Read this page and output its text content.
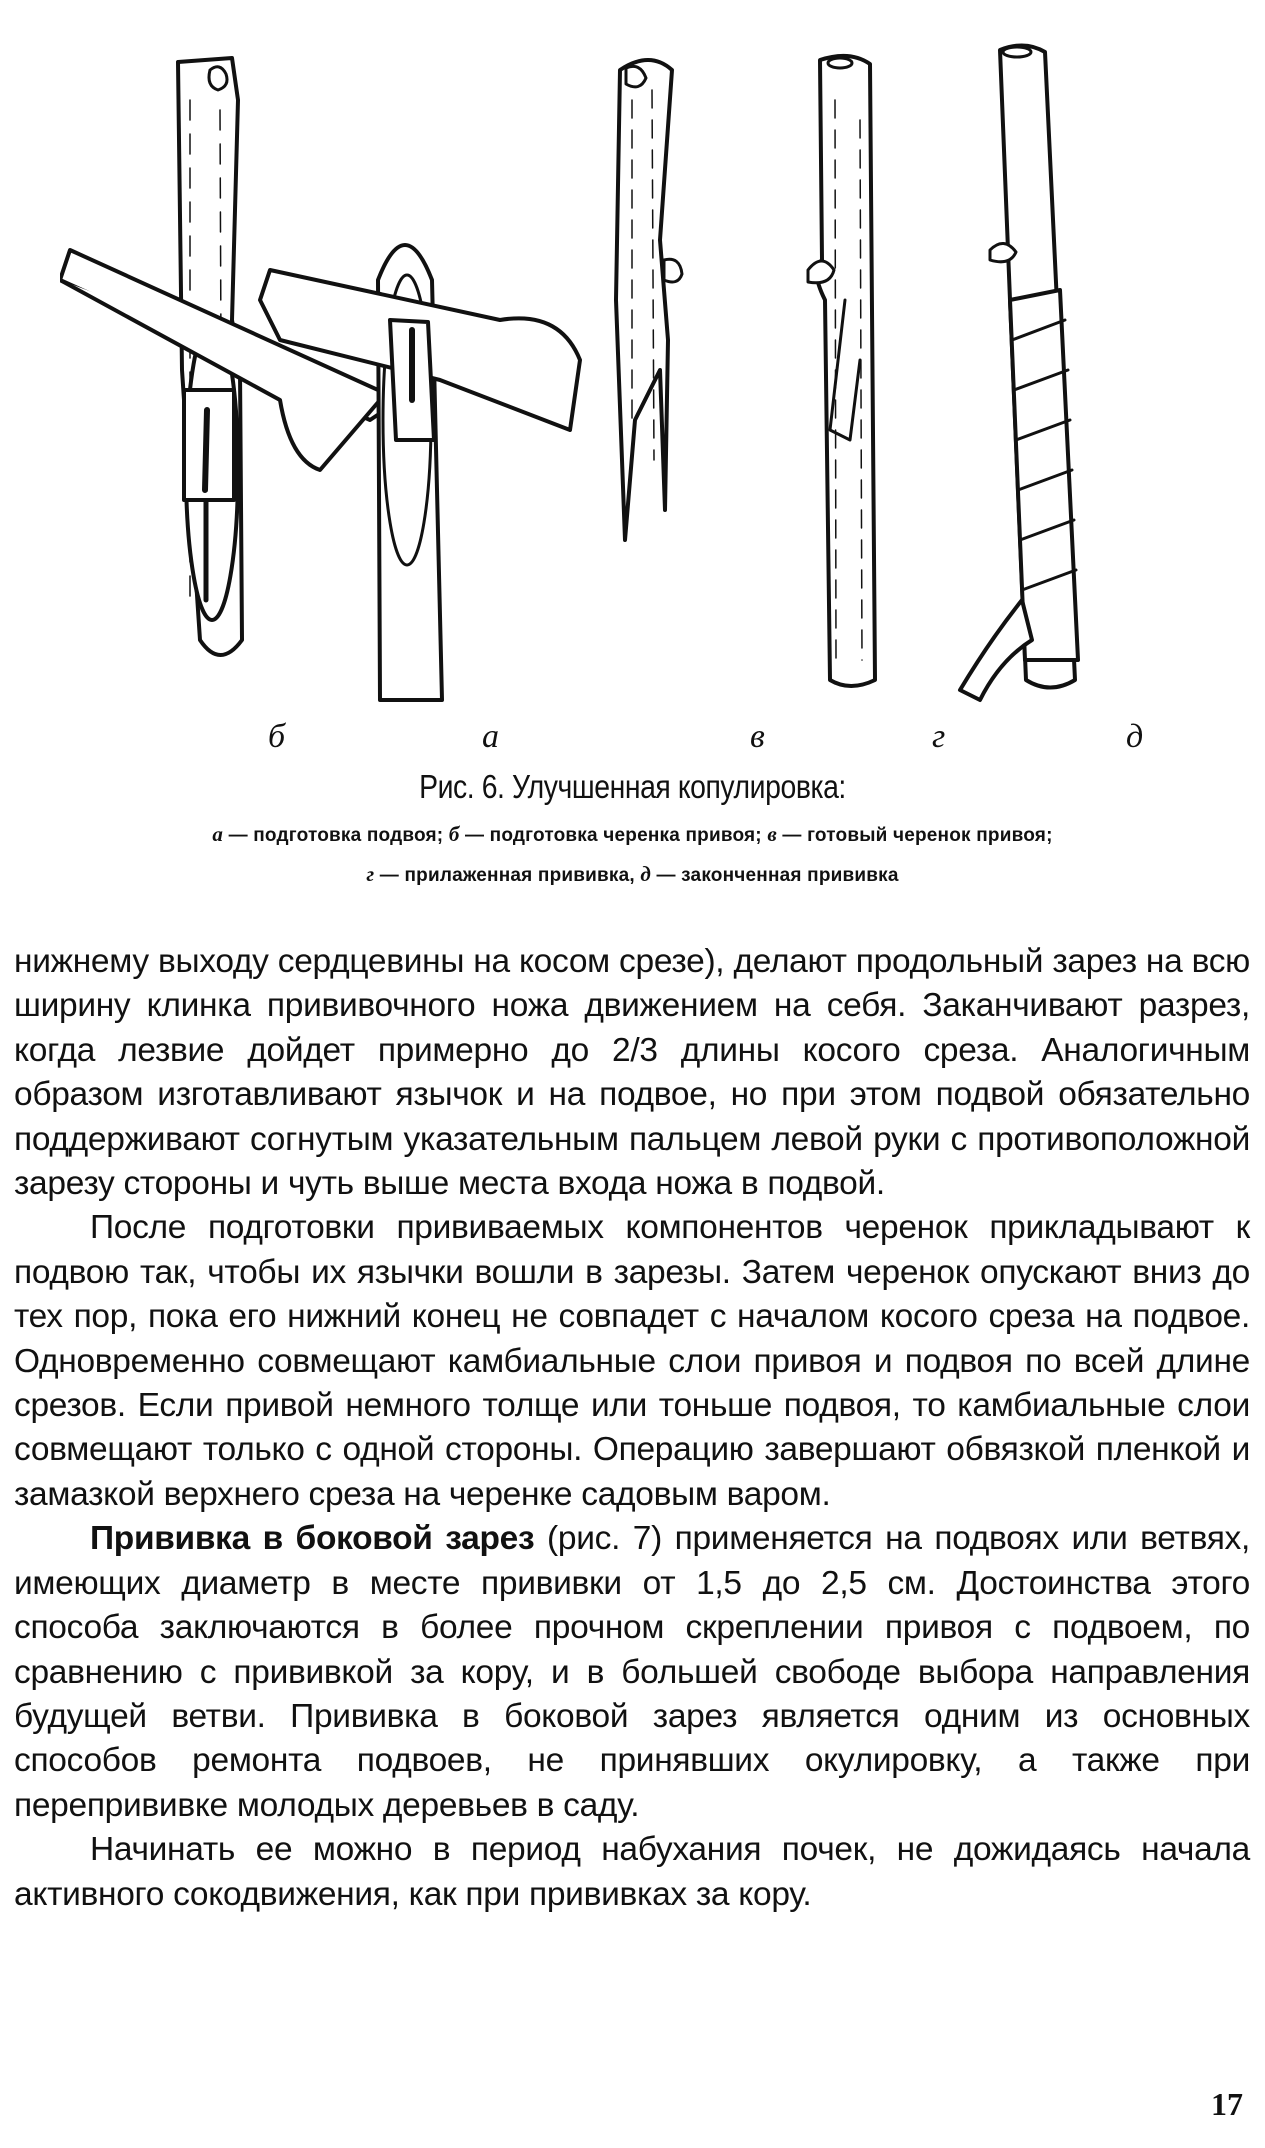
б	а	в	г	д
Рис. 6. Улучшенная копулировка:
а — подготовка подвоя; б — подготовка черенка привоя; в — готовый черенок привоя;
г — прилаженная прививка, д — законченная прививка

нижнему выходу сердцевины на косом срезе), делают продольный зарез на всю ширину клинка прививочного ножа движением на себя. Заканчивают разрез, когда лезвие дойдет примерно до 2/3 длины косого среза. Аналогичным образом изготавливают язычок и на подвое, но при этом подвой обязательно поддерживают согнутым указательным пальцем левой руки с противоположной зарезу стороны и чуть выше места входа ножа в подвой.

После подготовки прививаемых компонентов черенок прикладывают к подвою так, чтобы их язычки вошли в зарезы. Затем черенок опускают вниз до тех пор, пока его нижний конец не совпадет с началом косого среза на подвое. Одновременно совмещают камбиальные слои привоя и подвоя по всей длине срезов. Если привой немного толще или тоньше подвоя, то камбиальные слои совмещают только с одной стороны. Операцию завершают обвязкой пленкой и замазкой верхнего среза на черенке садовым варом.

Прививка в боковой зарез (рис. 7) применяется на подвоях или ветвях, имеющих диаметр в месте прививки от 1,5 до 2,5 см. Достоинства этого способа заключаются в более прочном скреплении привоя с подвоем, по сравнению с прививкой за кору, и в большей свободе выбора направления будущей ветви. Прививка в боковой зарез является одним из основных способов ремонта подвоев, не принявших окулировку, а также при перепрививке молодых деревьев в саду.

Начинать ее можно в период набухания почек, не дожидаясь начала активного сокодвижения, как при прививках за кору.

17
